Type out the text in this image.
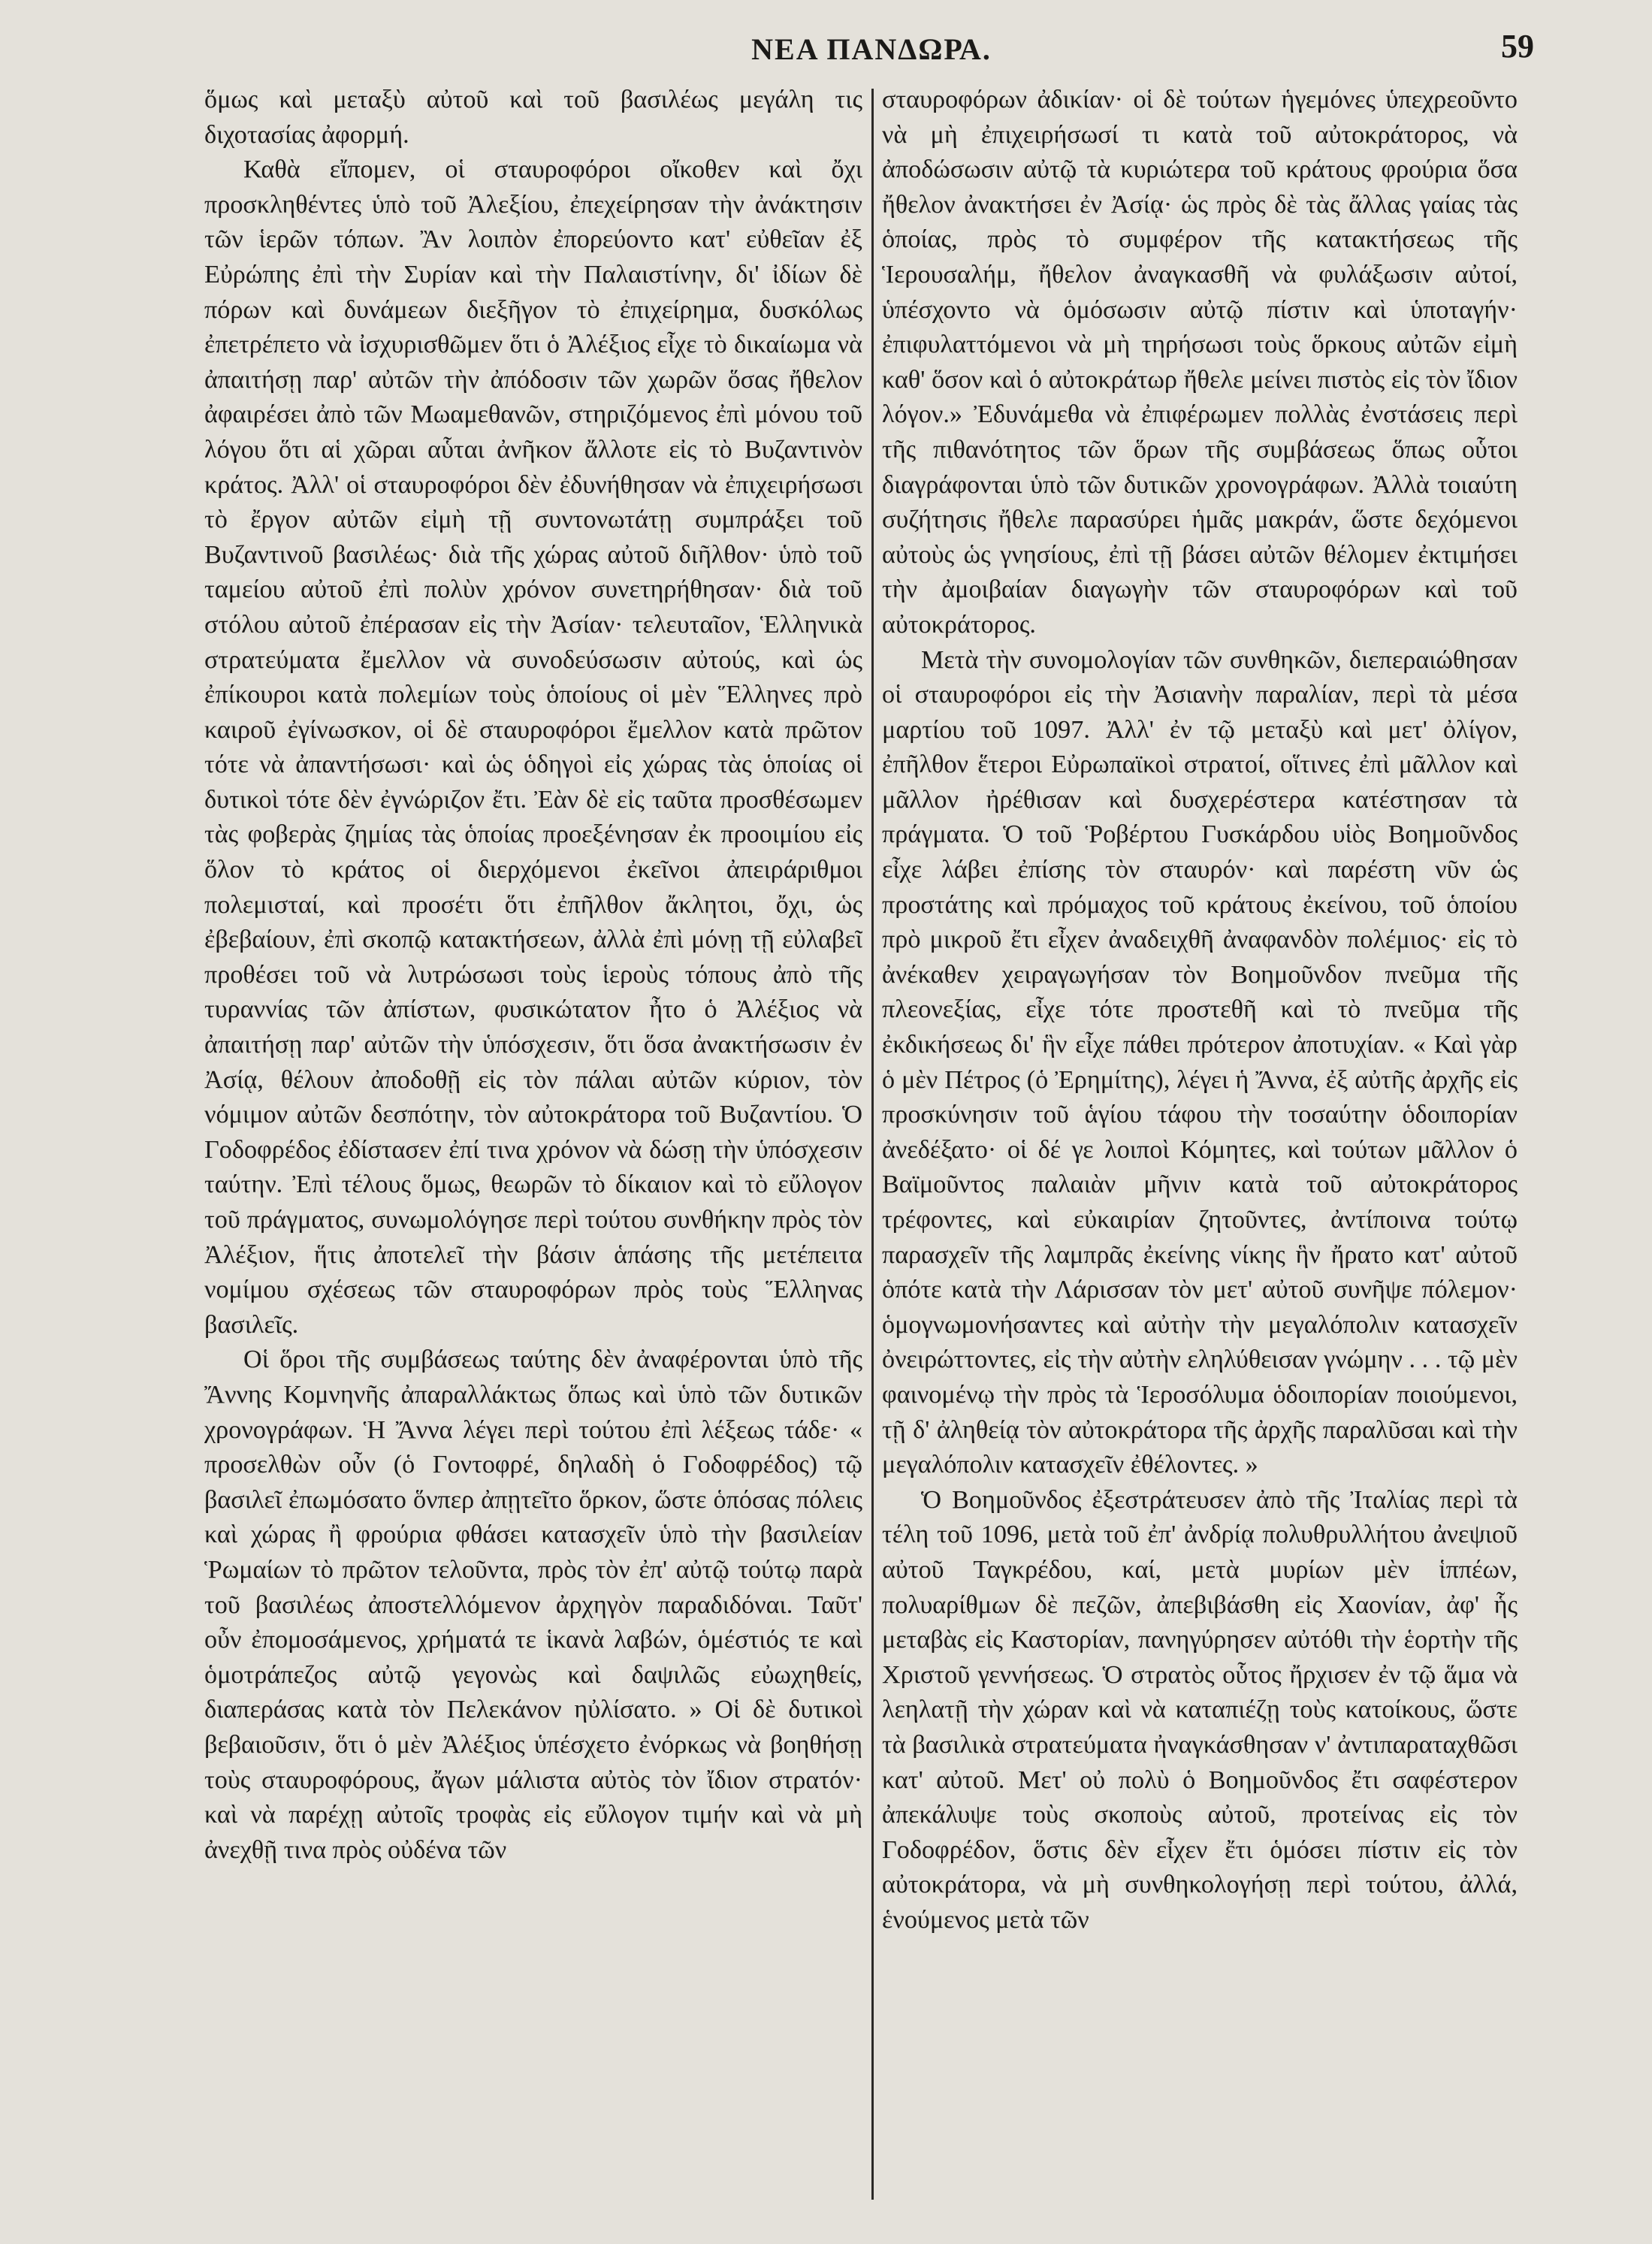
ΝΕΑ ΠΑΝΔΩΡΑ.	59

ὅμως καὶ μεταξὺ αὐτοῦ καὶ τοῦ βασιλέως μεγάλη τις διχοτασίας ἀφορμή.

Καθὰ εἴπομεν, οἱ σταυροφόροι οἴκοθεν καὶ ὄχι προσκληθέντες ὑπὸ τοῦ Ἀλεξίου, ἐπεχείρησαν τὴν ἀνάκτησιν τῶν ἱερῶν τόπων. Ἂν λοιπὸν ἐπορεύοντο κατ' εὐθεῖαν ἐξ Εὐρώπης ἐπὶ τὴν Συρίαν καὶ τὴν Παλαιστίνην, δι' ἰδίων δὲ πόρων καὶ δυνάμεων διεξῆγον τὸ ἐπιχείρημα, δυσκόλως ἐπετρέπετο νὰ ἰσχυρισθῶμεν ὅτι ὁ Ἀλέξιος εἶχε τὸ δικαίωμα νὰ ἀπαιτήσῃ παρ' αὐτῶν τὴν ἀπόδοσιν τῶν χωρῶν ὅσας ἤθελον ἀφαιρέσει ἀπὸ τῶν Μωαμεθανῶν, στηριζόμενος ἐπὶ μόνου τοῦ λόγου ὅτι αἱ χῶραι αὗται ἀνῆκον ἄλλοτε εἰς τὸ Βυζαντινὸν κράτος. Ἀλλ' οἱ σταυροφόροι δὲν ἐδυνήθησαν νὰ ἐπιχειρήσωσι τὸ ἔργον αὐτῶν εἰμὴ τῇ συντονωτάτῃ συμπράξει τοῦ Βυζαντινοῦ βασιλέως· διὰ τῆς χώρας αὐτοῦ διῆλθον· ὑπὸ τοῦ ταμείου αὐτοῦ ἐπὶ πολὺν χρόνον συνετηρήθησαν· διὰ τοῦ στόλου αὐτοῦ ἐπέρασαν εἰς τὴν Ἀσίαν· τελευταῖον, Ἑλληνικὰ στρατεύματα ἔμελλον νὰ συνοδεύσωσιν αὐτούς, καὶ ὡς ἐπίκουροι κατὰ πολεμίων τοὺς ὁποίους οἱ μὲν Ἕλληνες πρὸ καιροῦ ἐγίνωσκον, οἱ δὲ σταυροφόροι ἔμελλον κατὰ πρῶτον τότε νὰ ἀπαντήσωσι· καὶ ὡς ὁδηγοὶ εἰς χώρας τὰς ὁποίας οἱ δυτικοὶ τότε δὲν ἐγνώριζον ἔτι. Ἐὰν δὲ εἰς ταῦτα προσθέσωμεν τὰς φοβερὰς ζημίας τὰς ὁποίας προεξένησαν ἐκ προοιμίου εἰς ὅλον τὸ κράτος οἱ διερχόμενοι ἐκεῖνοι ἀπειράριθμοι πολεμισταί, καὶ προσέτι ὅτι ἐπῆλθον ἄκλητοι, ὄχι, ὡς ἐβεβαίουν, ἐπὶ σκοπῷ κατακτήσεων, ἀλλὰ ἐπὶ μόνῃ τῇ εὐλαβεῖ προθέσει τοῦ νὰ λυτρώσωσι τοὺς ἱεροὺς τόπους ἀπὸ τῆς τυραννίας τῶν ἀπίστων, φυσικώτατον ἦτο ὁ Ἀλέξιος νὰ ἀπαιτήσῃ παρ' αὐτῶν τὴν ὑπόσχεσιν, ὅτι ὅσα ἀνακτήσωσιν ἐν Ἀσίᾳ, θέλουν ἀποδοθῇ εἰς τὸν πάλαι αὐτῶν κύριον, τὸν νόμιμον αὐτῶν δεσπότην, τὸν αὐτοκράτορα τοῦ Βυζαντίου. Ὁ Γοδοφρέδος ἐδίστασεν ἐπί τινα χρόνον νὰ δώσῃ τὴν ὑπόσχεσιν ταύτην. Ἐπὶ τέλους ὅμως, θεωρῶν τὸ δίκαιον καὶ τὸ εὔλογον τοῦ πράγματος, συνωμολόγησε περὶ τούτου συνθήκην πρὸς τὸν Ἀλέξιον, ἥτις ἀποτελεῖ τὴν βάσιν ἁπάσης τῆς μετέπειτα νομίμου σχέσεως τῶν σταυροφόρων πρὸς τοὺς Ἕλληνας βασιλεῖς.

Οἱ ὅροι τῆς συμβάσεως ταύτης δὲν ἀναφέρονται ὑπὸ τῆς Ἄννης Κομνηνῆς ἀπαραλλάκτως ὅπως καὶ ὑπὸ τῶν δυτικῶν χρονογράφων. Ἡ Ἄννα λέγει περὶ τούτου ἐπὶ λέξεως τάδε· « προσελθὼν οὖν (ὁ Γοντοφρέ, δηλαδὴ ὁ Γοδοφρέδος) τῷ βασιλεῖ ἐπωμόσατο ὅνπερ ἀπῃτεῖτο ὅρκον, ὥστε ὁπόσας πόλεις καὶ χώρας ἢ φρούρια φθάσει κατασχεῖν ὑπὸ τὴν βασιλείαν Ῥωμαίων τὸ πρῶτον τελοῦντα, πρὸς τὸν ἐπ' αὐτῷ τούτῳ παρὰ τοῦ βασιλέως ἀποστελλόμενον ἀρχηγὸν παραδιδόναι. Ταῦτ' οὖν ἐπομοσάμενος, χρήματά τε ἱκανὰ λαβών, ὁμέστιός τε καὶ ὁμοτράπεζος αὐτῷ γεγονὼς καὶ δαψιλῶς εὐωχηθείς, διαπεράσας κατὰ τὸν Πελεκάνον ηὐλίσατο. » Οἱ δὲ δυτικοὶ βεβαιοῦσιν, ὅτι ὁ μὲν Ἀλέξιος ὑπέσχετο ἐνόρκως νὰ βοηθήσῃ τοὺς σταυροφόρους, ἄγων μάλιστα αὐτὸς τὸν ἴδιον στρατόν· καὶ νὰ παρέχῃ αὐτοῖς τροφὰς εἰς εὔλογον τιμήν καὶ νὰ μὴ ἀνεχθῇ τινα πρὸς οὐδένα τῶν

σταυροφόρων ἀδικίαν· οἱ δὲ τούτων ἡγεμόνες ὑπεχρεοῦντο νὰ μὴ ἐπιχειρήσωσί τι κατὰ τοῦ αὐτοκράτορος, νὰ ἀποδώσωσιν αὐτῷ τὰ κυριώτερα τοῦ κράτους φρούρια ὅσα ἤθελον ἀνακτήσει ἐν Ἀσίᾳ· ὡς πρὸς δὲ τὰς ἄλλας γαίας τὰς ὁποίας, πρὸς τὸ συμφέρον τῆς κατακτήσεως τῆς Ἱερουσαλήμ, ἤθελον ἀναγκασθῆ νὰ φυλάξωσιν αὐτοί, ὑπέσχοντο νὰ ὁμόσωσιν αὐτῷ πίστιν καὶ ὑποταγήν· ἐπιφυλαττόμενοι νὰ μὴ τηρήσωσι τοὺς ὅρκους αὐτῶν εἰμὴ καθ' ὅσον καὶ ὁ αὐτοκράτωρ ἤθελε μείνει πιστὸς εἰς τὸν ἴδιον λόγον.» Ἐδυνάμεθα νὰ ἐπιφέρωμεν πολλὰς ἐνστάσεις περὶ τῆς πιθανότητος τῶν ὅρων τῆς συμβάσεως ὅπως οὗτοι διαγράφονται ὑπὸ τῶν δυτικῶν χρονογράφων. Ἀλλὰ τοιαύτη συζήτησις ἤθελε παρασύρει ἡμᾶς μακράν, ὥστε δεχόμενοι αὐτοὺς ὡς γνησίους, ἐπὶ τῇ βάσει αὐτῶν θέλομεν ἐκτιμήσει τὴν ἀμοιβαίαν διαγωγὴν τῶν σταυροφόρων καὶ τοῦ αὐτοκράτορος.

Μετὰ τὴν συνομολογίαν τῶν συνθηκῶν, διεπεραιώθησαν οἱ σταυροφόροι εἰς τὴν Ἀσιανὴν παραλίαν, περὶ τὰ μέσα μαρτίου τοῦ 1097. Ἀλλ' ἐν τῷ μεταξὺ καὶ μετ' ὀλίγον, ἐπῆλθον ἕτεροι Εὐρωπαϊκοὶ στρατοί, οἵτινες ἐπὶ μᾶλλον καὶ μᾶλλον ἠρέθισαν καὶ δυσχερέστερα κατέστησαν τὰ πράγματα. Ὁ τοῦ Ῥοβέρτου Γυσκάρδου υἱὸς Βοημοῦνδος εἶχε λάβει ἐπίσης τὸν σταυρόν· καὶ παρέστη νῦν ὡς προστάτης καὶ πρόμαχος τοῦ κράτους ἐκείνου, τοῦ ὁποίου πρὸ μικροῦ ἔτι εἶχεν ἀναδειχθῆ ἀναφανδὸν πολέμιος· εἰς τὸ ἀνέκαθεν χειραγωγήσαν τὸν Βοημοῦνδον πνεῦμα τῆς πλεονεξίας, εἶχε τότε προστεθῆ καὶ τὸ πνεῦμα τῆς ἐκδικήσεως δι' ἣν εἶχε πάθει πρότερον ἀποτυχίαν. « Καὶ γὰρ ὁ μὲν Πέτρος (ὁ Ἐρημίτης), λέγει ἡ Ἄννα, ἐξ αὐτῆς ἀρχῆς εἰς προσκύνησιν τοῦ ἁγίου τάφου τὴν τοσαύτην ὁδοιπορίαν ἀνεδέξατο· οἱ δέ γε λοιποὶ Κόμητες, καὶ τούτων μᾶλλον ὁ Βαϊμοῦντος παλαιὰν μῆνιν κατὰ τοῦ αὐτοκράτορος τρέφοντες, καὶ εὐκαιρίαν ζητοῦντες, ἀντίποινα τούτῳ παρασχεῖν τῆς λαμπρᾶς ἐκείνης νίκης ἣν ἤρατο κατ' αὐτοῦ ὁπότε κατὰ τὴν Λάρισσαν τὸν μετ' αὐτοῦ συνῆψε πόλεμον· ὁμογνωμονήσαντες καὶ αὐτὴν τὴν μεγαλόπολιν κατασχεῖν ὀνειρώττοντες, εἰς τὴν αὐτὴν εληλύθεισαν γνώμην . . . τῷ μὲν φαινομένῳ τὴν πρὸς τὰ Ἱεροσόλυμα ὁδοιπορίαν ποιούμενοι, τῇ δ' ἀληθείᾳ τὸν αὐτοκράτορα τῆς ἀρχῆς παραλῦσαι καὶ τὴν μεγαλόπολιν κατασχεῖν ἐθέλοντες. »

Ὁ Βοημοῦνδος ἐξεστράτευσεν ἀπὸ τῆς Ἰταλίας περὶ τὰ τέλη τοῦ 1096, μετὰ τοῦ ἐπ' ἀνδρίᾳ πολυθρυλλήτου ἀνεψιοῦ αὐτοῦ Ταγκρέδου, καί, μετὰ μυρίων μὲν ἱππέων, πολυαρίθμων δὲ πεζῶν, ἀπεβιβάσθη εἰς Χαονίαν, ἀφ' ἧς μεταβὰς εἰς Καστορίαν, πανηγύρησεν αὐτόθι τὴν ἑορτὴν τῆς Χριστοῦ γεννήσεως. Ὁ στρατὸς οὗτος ἤρχισεν ἐν τῷ ἅμα νὰ λεηλατῇ τὴν χώραν καὶ νὰ καταπιέζῃ τοὺς κατοίκους, ὥστε τὰ βασιλικὰ στρατεύματα ἠναγκάσθησαν ν' ἀντιπαραταχθῶσι κατ' αὐτοῦ. Μετ' οὐ πολὺ ὁ Βοημοῦνδος ἔτι σαφέστερον ἀπεκάλυψε τοὺς σκοποὺς αὐτοῦ, προτείνας εἰς τὸν Γοδοφρέδον, ὅστις δὲν εἶχεν ἔτι ὁμόσει πίστιν εἰς τὸν αὐτοκράτορα, νὰ μὴ συνθηκολογήσῃ περὶ τούτου, ἀλλά, ἑνούμενος μετὰ τῶν
